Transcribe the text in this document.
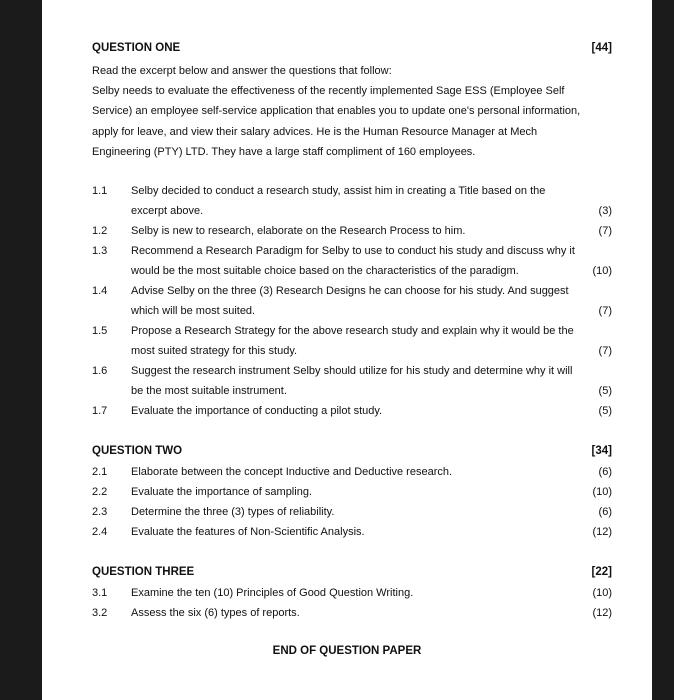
QUESTION ONE	[44]
Read the excerpt below and answer the questions that follow:
Selby needs to evaluate the effectiveness of the recently implemented Sage ESS (Employee Self
Service) an employee self-service application that enables you to update one's personal information,
apply for leave, and view their salary advices. He is the Human Resource Manager at Mech
Engineering (PTY) LTD. They have a large staff compliment of 160 employees.
1.1	Selby decided to conduct a research study, assist him in creating a Title based on the
excerpt above.	(3)
1.2	Selby is new to research, elaborate on the Research Process to him.	(7)
1.3	Recommend a Research Paradigm for Selby to use to conduct his study and discuss why it
would be the most suitable choice based on the characteristics of the paradigm.	(10)
1.4	Advise Selby on the three (3) Research Designs he can choose for his study. And suggest
which will be most suited.	(7)
1.5	Propose a Research Strategy for the above research study and explain why it would be the
most suited strategy for this study.	(7)
1.6	Suggest the research instrument Selby should utilize for his study and determine why it will
be the most suitable instrument.	(5)
1.7	Evaluate the importance of conducting a pilot study.	(5)
QUESTION TWO	[34]
2.1	Elaborate between the concept Inductive and Deductive research.	(6)
2.2	Evaluate the importance of sampling.	(10)
2.3	Determine the three (3) types of reliability.	(6)
2.4	Evaluate the features of Non-Scientific Analysis.	(12)
QUESTION THREE	[22]
3.1	Examine the ten (10) Principles of Good Question Writing.	(10)
3.2	Assess the six (6) types of reports.	(12)
END OF QUESTION PAPER
